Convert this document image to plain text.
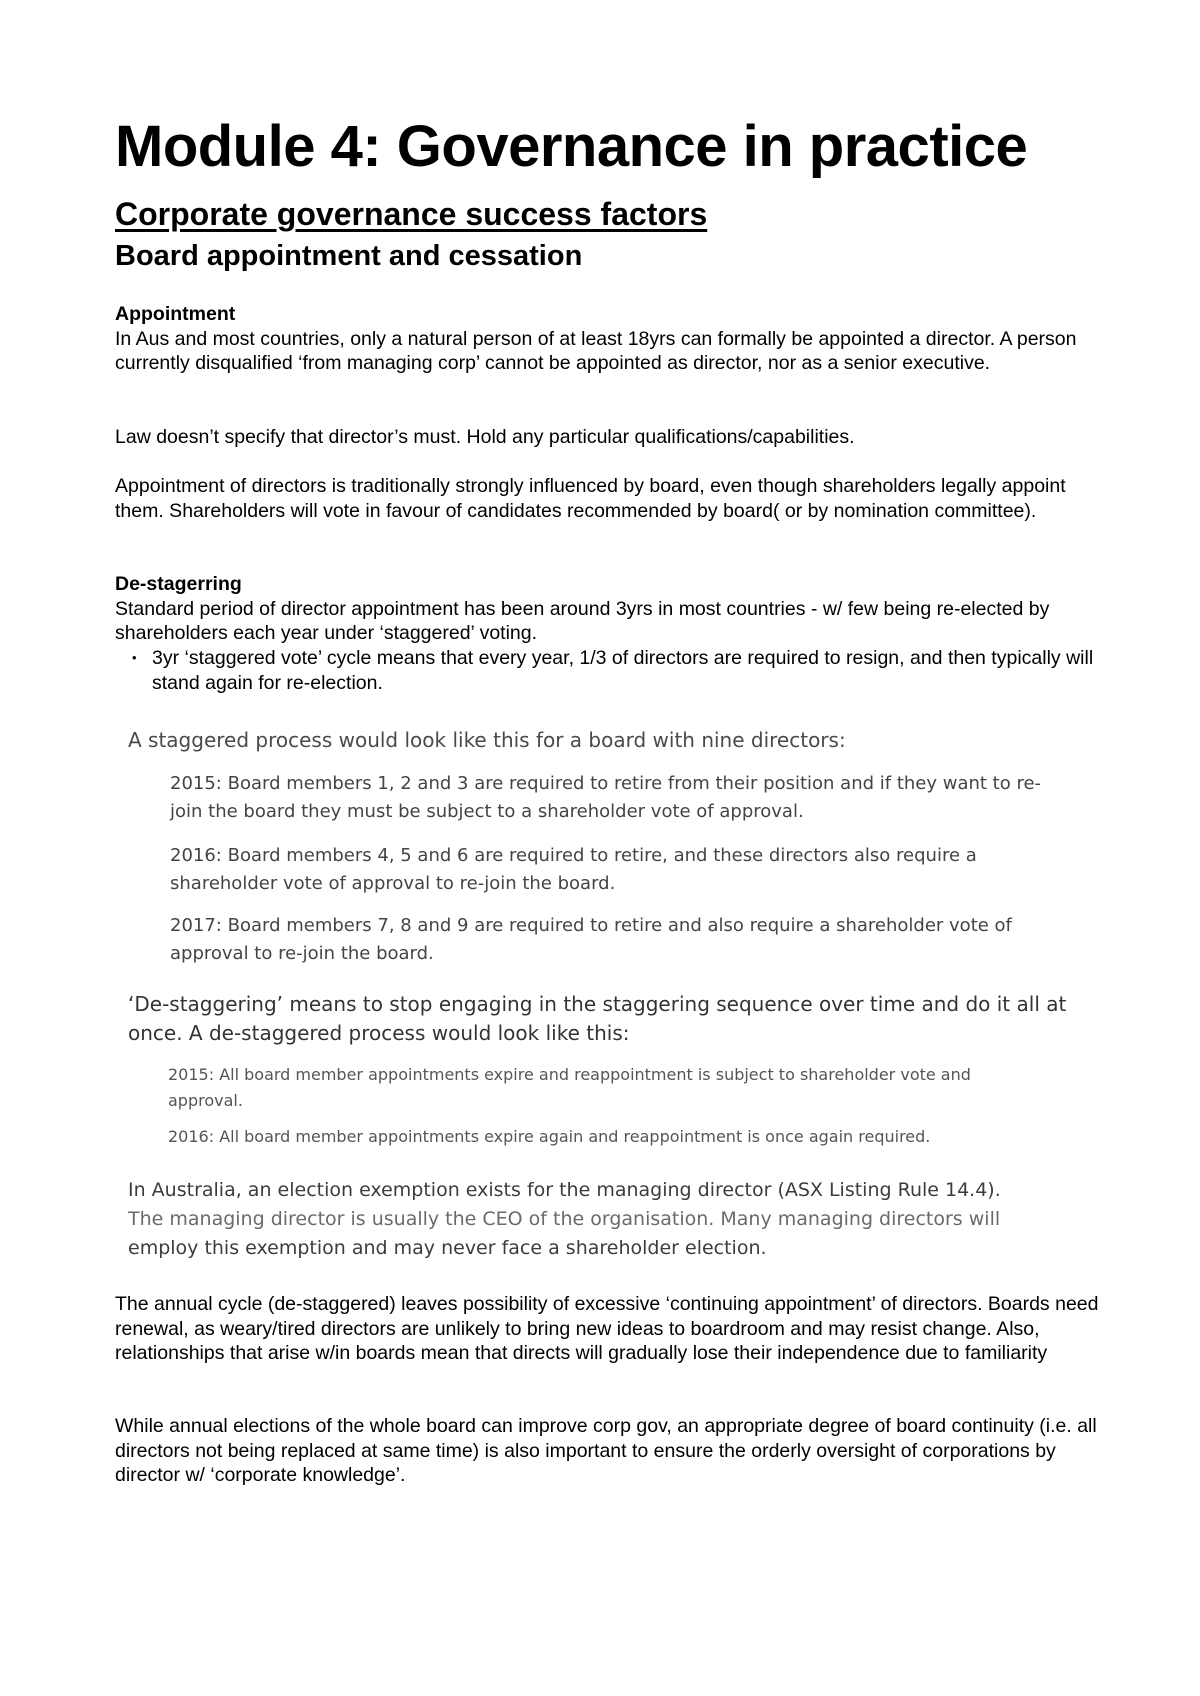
Module 4: Governance in practice
Corporate governance success factors
Board appointment and cessation
Appointment

In Aus and most countries, only a natural person of at least 18yrs can formally be appointed a director. A person currently disqualified ‘from managing corp’ cannot be appointed as director, nor as a senior executive.

Law doesn’t specify that director’s must. Hold any particular qualifications/capabilities.
Appointment of directors is traditionally strongly influenced by board, even though shareholders legally appoint them. Shareholders will vote in favour of candidates recommended by board( or by nomination committee).
De-stagerring

Standard period of director appointment has been around 3yrs in most countries - w/ few being re-elected by shareholders each year under ‘staggered’ voting.

• 3yr ‘staggered vote’ cycle means that every year, 1/3 of directors are required to resign, and then typically will stand again for re-election.
A staggered process would look like this for a board with nine directors:
2015: Board members 1, 2 and 3 are required to retire from their position and if they want to re-join the board they must be subject to a shareholder vote of approval.
2016: Board members 4, 5 and 6 are required to retire, and these directors also require a shareholder vote of approval to re-join the board.
2017: Board members 7, 8 and 9 are required to retire and also require a shareholder vote of approval to re-join the board.
‘De-staggering’ means to stop engaging in the staggering sequence over time and do it all at once. A de-staggered process would look like this:
2015: All board member appointments expire and reappointment is subject to shareholder vote and approval.
2016: All board member appointments expire again and reappointment is once again required.
In Australia, an election exemption exists for the managing director (ASX Listing Rule 14.4).
The managing director is usually the CEO of the organisation. Many managing directors will
employ this exemption and may never face a shareholder election.
The annual cycle (de-staggered) leaves possibility of excessive ‘continuing appointment’ of directors. Boards need renewal, as weary/tired directors are unlikely to bring new ideas to boardroom and may resist change. Also, relationships that arise w/in boards mean that directs will gradually lose their independence due to familiarity
While annual elections of the whole board can improve corp gov, an appropriate degree of board continuity (i.e. all directors not being replaced at same time) is also important to ensure the orderly oversight of corporations by director w/ ‘corporate knowledge’.
